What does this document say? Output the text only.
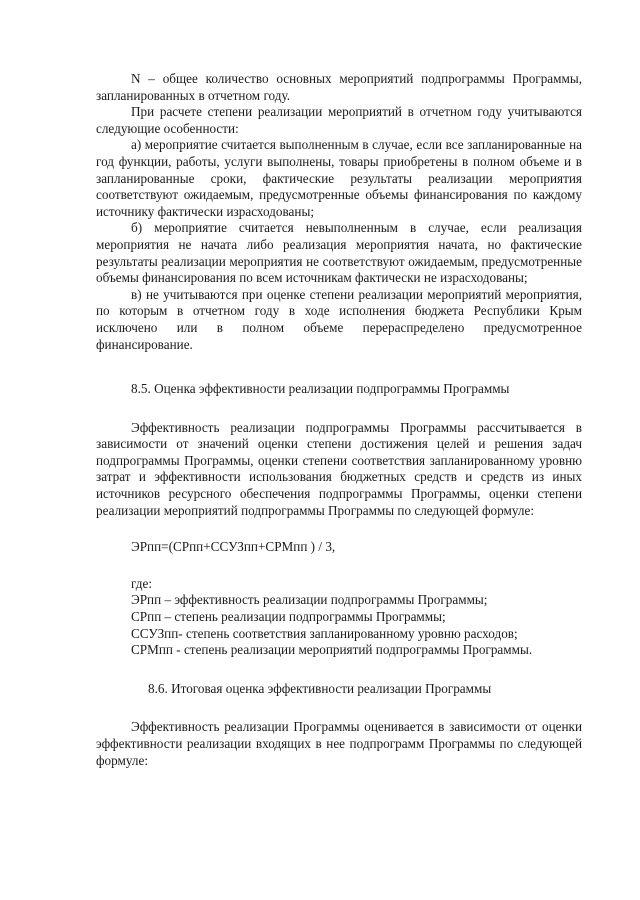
N – общее количество основных мероприятий подпрограммы Программы, запланированных в отчетном году.

При расчете степени реализации мероприятий в отчетном году учитываются следующие особенности:

а) мероприятие считается выполненным в случае, если все запланированные на год функции, работы, услуги выполнены, товары приобретены в полном объеме и в запланированные сроки, фактические результаты реализации мероприятия соответствуют ожидаемым, предусмотренные объемы финансирования по каждому источнику фактически израсходованы;

б) мероприятие считается невыполненным в случае, если реализация мероприятия не начата либо реализация мероприятия начата, но фактические результаты реализации мероприятия не соответствуют ожидаемым, предусмотренные объемы финансирования по всем источникам фактически не израсходованы;

в) не учитываются при оценке степени реализации мероприятий мероприятия, по которым в отчетном году в ходе исполнения бюджета Республики Крым исключено или в полном объеме перераспределено предусмотренное финансирование.

8.5. Оценка эффективности реализации подпрограммы Программы

Эффективность реализации подпрограммы Программы рассчитывается в зависимости от значений оценки степени достижения целей и решения задач подпрограммы Программы, оценки степени соответствия запланированному уровню затрат и эффективности использования бюджетных средств и средств из иных источников ресурсного обеспечения подпрограммы Программы, оценки степени реализации мероприятий подпрограммы Программы по следующей формуле:

ЭРпп=(СРпп+ССУЗпп+СРМпп ) / 3,

где:

ЭРпп – эффективность реализации подпрограммы Программы;

СРпп – степень реализации подпрограммы Программы;

ССУЗпп- степень соответствия запланированному уровню расходов;

СРМпп - степень реализации мероприятий подпрограммы Программы.

8.6. Итоговая оценка эффективности реализации Программы

Эффективность реализации Программы оценивается в зависимости от оценки эффективности реализации входящих в нее подпрограмм Программы по следующей формуле:
